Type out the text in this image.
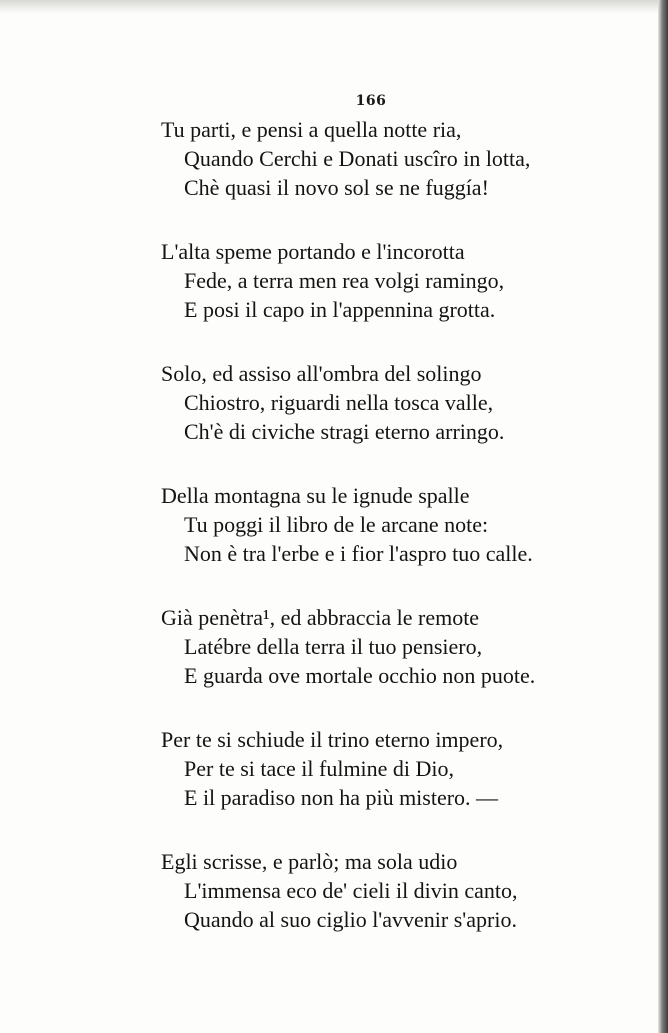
166
Tu parti, e pensi a quella notte ria,
Quando Cerchi e Donati uscîro in lotta,
Chè quasi il novo sol se ne fuggía!
L'alta speme portando e l'incorotta
Fede, a terra men rea volgi ramingo,
E posi il capo in l'appennina grotta.
Solo, ed assiso all'ombra del solingo
Chiostro, riguardi nella tosca valle,
Ch'è di civiche stragi eterno arringo.
Della montagna su le ignude spalle
Tu poggi il libro de le arcane note:
Non è tra l'erbe e i fior l'aspro tuo calle.
Già penètra¹, ed abbraccia le remote
Latébre della terra il tuo pensiero,
E guarda ove mortale occhio non puote.
Per te si schiude il trino eterno impero,
Per te si tace il fulmine di Dio,
E il paradiso non ha più mistero. —
Egli scrisse, e parlò; ma sola udio
L'immensa eco de' cieli il divin canto,
Quando al suo ciglio l'avvenir s'aprio.
